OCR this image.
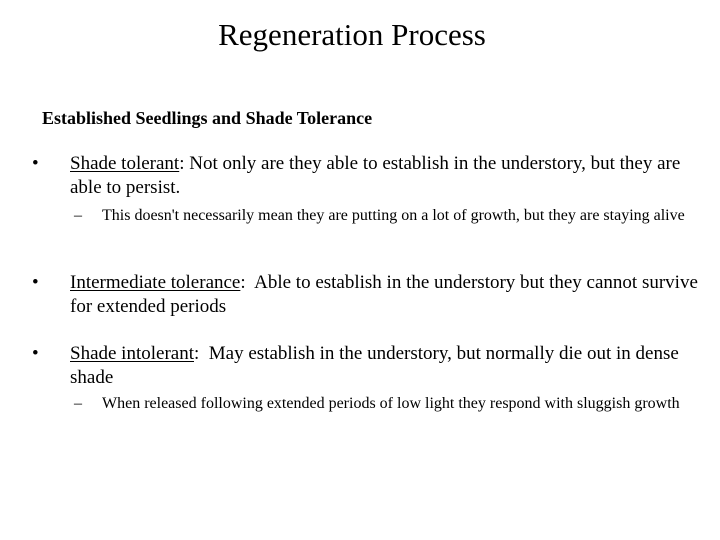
Regeneration Process
Established Seedlings and Shade Tolerance
• Shade tolerant: Not only are they able to establish in the understory, but they are able to persist.
– This doesn't necessarily mean they are putting on a lot of growth, but they are staying alive
• Intermediate tolerance:  Able to establish in the understory but they cannot survive for extended periods
• Shade intolerant:  May establish in the understory, but normally die out in dense shade
– When released following extended periods of low light they respond with sluggish growth
